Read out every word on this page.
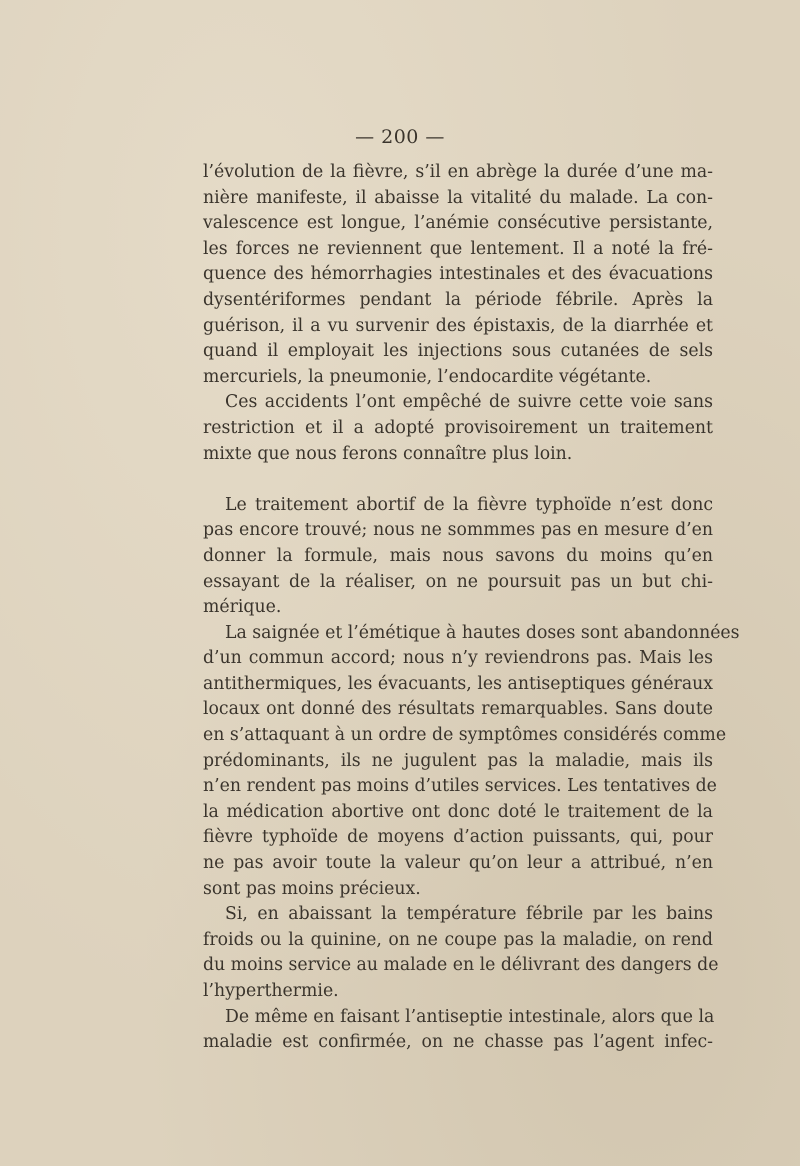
— 200 —

l’évolution de la fièvre, s’il en abrège la durée d’une ma-
nière manifeste, il abaisse la vitalité du malade. La con-
valescence est longue, l’anémie consécutive persistante,
les forces ne reviennent que lentement. Il a noté la fré-
quence des hémorrhagies intestinales et des évacuations
dysentériformes pendant la période fébrile. Après la
guérison, il a vu survenir des épistaxis, de la diarrhée et
quand il employait les injections sous cutanées de sels
mercuriels, la pneumonie, l’endocardite végétante.

Ces accidents l’ont empêché de suivre cette voie sans
restriction et il a adopté provisoirement un traitement
mixte que nous ferons connaître plus loin.

Le traitement abortif de la fièvre typhoïde n’est donc
pas encore trouvé; nous ne sommmes pas en mesure d’en
donner la formule, mais nous savons du moins qu’en
essayant de la réaliser, on ne poursuit pas un but chi-
mérique.

La saignée et l’émétique à hautes doses sont abandonnées
d’un commun accord; nous n’y reviendrons pas. Mais les
antithermiques, les évacuants, les antiseptiques généraux
locaux ont donné des résultats remarquables. Sans doute
en s’attaquant à un ordre de symptômes considérés comme
prédominants, ils ne jugulent pas la maladie, mais ils
n’en rendent pas moins d’utiles services. Les tentatives de
la médication abortive ont donc doté le traitement de la
fièvre typhoïde de moyens d’action puissants, qui, pour
ne pas avoir toute la valeur qu’on leur a attribué, n’en
sont pas moins précieux.

Si, en abaissant la température fébrile par les bains
froids ou la quinine, on ne coupe pas la maladie, on rend
du moins service au malade en le délivrant des dangers de
l’hyperthermie.

De même en faisant l’antiseptie intestinale, alors que la
maladie est confirmée, on ne chasse pas l’agent infec-
